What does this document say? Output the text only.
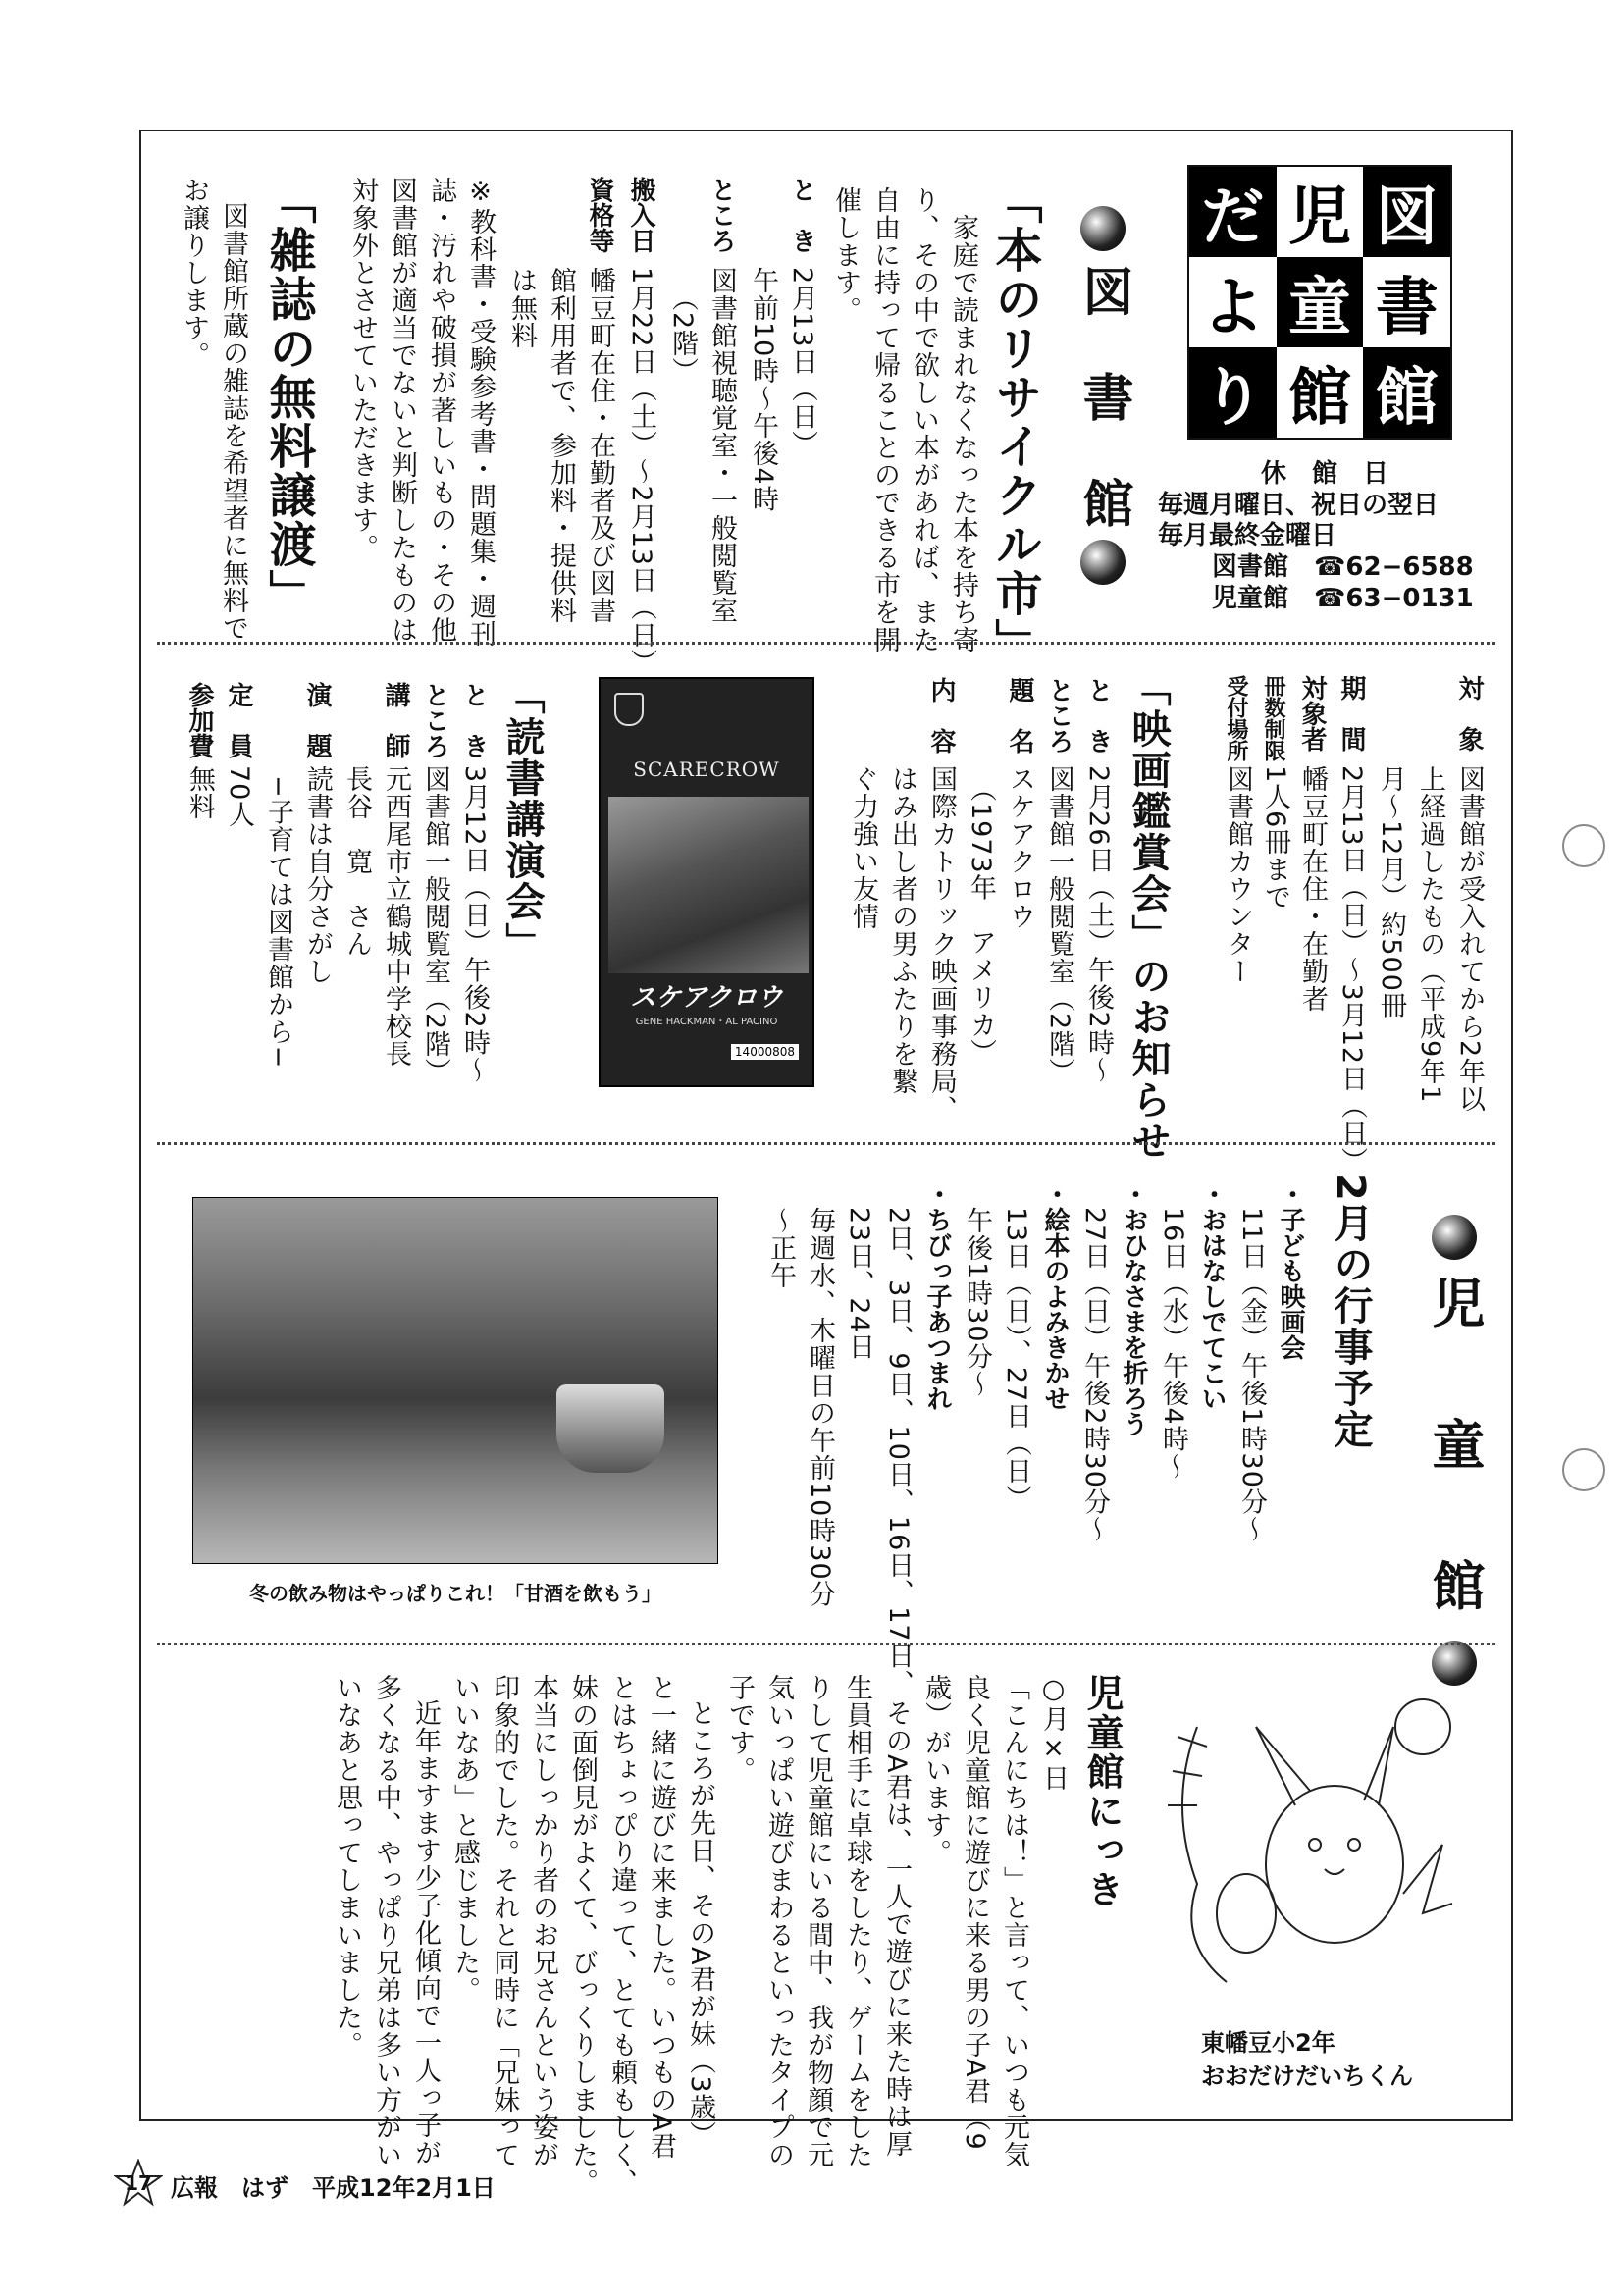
だ 児 図
よ 童 書
り 館 館
休　館　日
毎週月曜日、祝日の翌日
毎月最終金曜日
図書館　☎62−6588
児童館　☎63−0131
図　書　館
「本のリサイクル市」
家庭で読まれなくなった本を持ち寄
り、その中で欲しい本があれば、また
自由に持って帰ることのできる市を開
催します。
と　き
2月13日（日）
午前10時〜午後4時
ところ
図書館視聴覚室・一般閲覧室
（2階）
搬入日
1月22日（土）〜2月13日（日）
資格等
幡豆町在住・在勤者及び図書
館利用者で、参加料・提供料
は無料
※教科書・受験参考書・問題集・週刊
誌・汚れや破損が著しいもの・その他
図書館が適当でないと判断したものは
対象外とさせていただきます。
「雑誌の無料譲渡」
図書館所蔵の雑誌を希望者に無料で
お譲りします。
対　象
図書館が受入れてから2年以
上経過したもの（平成9年1
月〜12月）約500冊
期　間
2月13日（日）〜3月12日（日）
対象者
幡豆町在住・在勤者
冊数制限
1人6冊まで
受付場所
図書館カウンター
「映画鑑賞会」のお知らせ
と　き
2月26日（土）午後2時〜
ところ
図書館一般閲覧室（2階）
題　名
スケアクロウ
（1973年　アメリカ）
内　容
国際カトリック映画事務局、
はみ出し者の男ふたりを繋
ぐ力強い友情
SCARECROW
スケアクロウ
GENE HACKMAN・AL PACINO
14000808
「読書講演会」
と　き
3月12日（日）午後2時〜
ところ
図書館一般閲覧室（2階）
講　師
元西尾市立鶴城中学校長
長谷　寛　さん
演　題
読書は自分さがし
−子育ては図書館から−
定　員
70人
参加費
無料
児　童　館
2月の行事予定
・子ども映画会
11日（金）午後1時30分〜
・おはなしでてこい
16日（水）午後4時〜
・おひなさまを折ろう
27日（日）午後2時30分〜
・絵本のよみきかせ
13日（日）、27日（日）
午後1時30分〜
・ちびっ子あつまれ
2日、3日、9日、10日、16日、17日、
23日、24日
毎週水、木曜日の午前10時30分
〜正午
冬の飲み物はやっぱりこれ！「甘酒を飲もう」
児童館にっき
○月×日
「こんにちは！」と言って、いつも元気
良く児童館に遊びに来る男の子A君（9
歳）がいます。
そのA君は、一人で遊びに来た時は厚
生員相手に卓球をしたり、ゲームをした
りして児童館にいる間中、我が物顔で元
気いっぱい遊びまわるといったタイプの
子です。
ところが先日、そのA君が妹（3歳）
と一緒に遊びに来ました。いつものA君
とはちょっぴり違って、とても頼もしく、
妹の面倒見がよくて、びっくりしました。
本当にしっかり者のお兄さんという姿が
印象的でした。それと同時に「兄妹って
いいなあ」と感じました。
近年ますます少子化傾向で一人っ子が
多くなる中、やっぱり兄弟は多い方がい
いなあと思ってしまいました。	東幡豆小2年
おおだけだいちくん
17 広報　はず　平成12年2月1日
